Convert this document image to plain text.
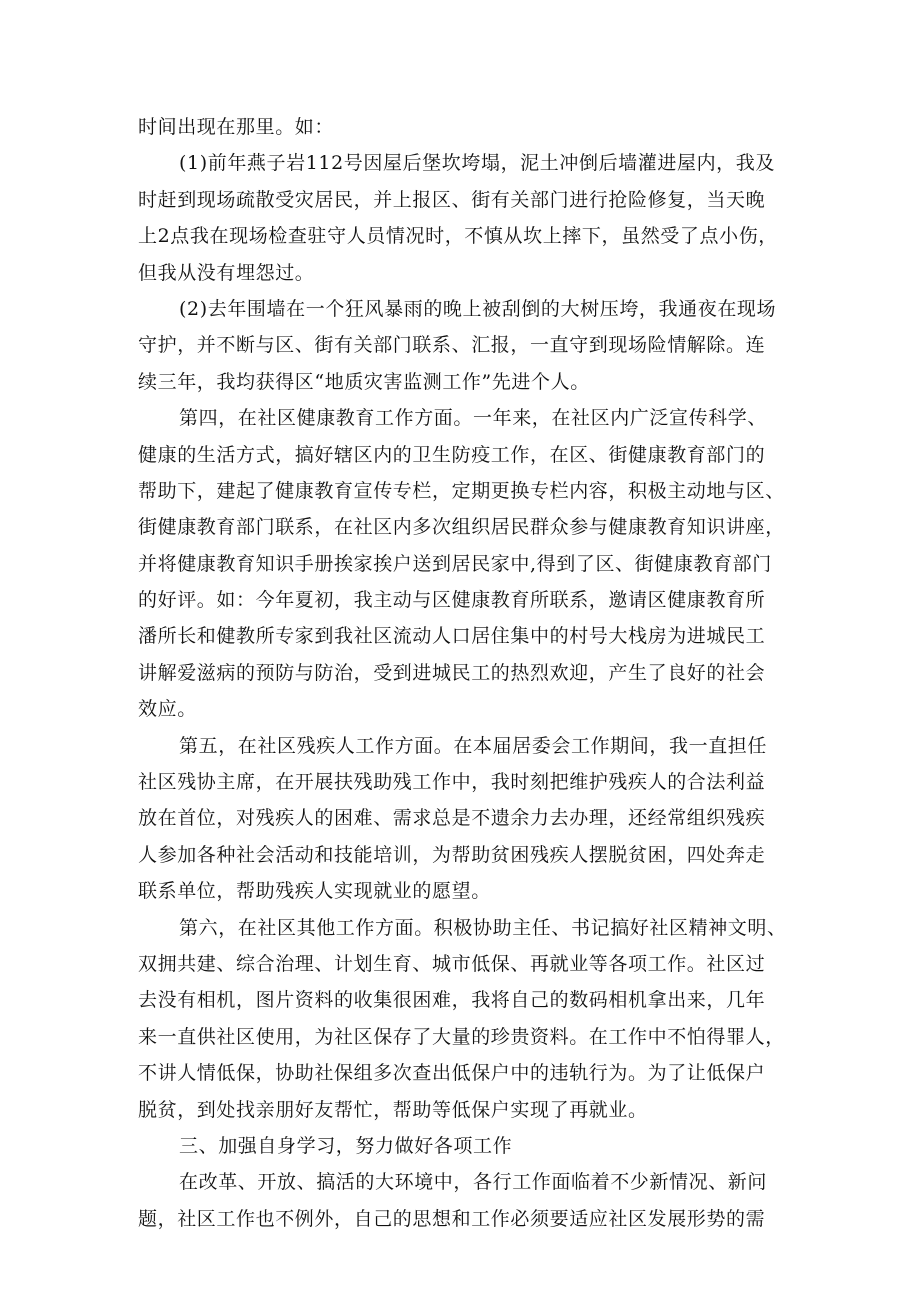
时间出现在那里。如：
(1)前年燕子岩112号因屋后堡坎垮塌，泥土冲倒后墙灌进屋内，我及
时赶到现场疏散受灾居民，并上报区、街有关部门进行抢险修复，当天晚
上2点我在现场检查驻守人员情况时，不慎从坎上摔下，虽然受了点小伤，
但我从没有埋怨过。
(2)去年围墙在一个狂风暴雨的晚上被刮倒的大树压垮，我通夜在现场
守护，并不断与区、街有关部门联系、汇报，一直守到现场险情解除。连
续三年，我均获得区“地质灾害监测工作”先进个人。
第四，在社区健康教育工作方面。一年来，在社区内广泛宣传科学、
健康的生活方式，搞好辖区内的卫生防疫工作，在区、街健康教育部门的
帮助下，建起了健康教育宣传专栏，定期更换专栏内容，积极主动地与区、
街健康教育部门联系，在社区内多次组织居民群众参与健康教育知识讲座，
并将健康教育知识手册挨家挨户送到居民家中,得到了区、街健康教育部门
的好评。如：今年夏初，我主动与区健康教育所联系，邀请区健康教育所
潘所长和健教所专家到我社区流动人口居住集中的村号大栈房为进城民工
讲解爱滋病的预防与防治，受到进城民工的热烈欢迎，产生了良好的社会
效应。
第五，在社区残疾人工作方面。在本届居委会工作期间，我一直担任
社区残协主席，在开展扶残助残工作中，我时刻把维护残疾人的合法利益
放在首位，对残疾人的困难、需求总是不遗余力去办理，还经常组织残疾
人参加各种社会活动和技能培训，为帮助贫困残疾人摆脱贫困，四处奔走
联系单位，帮助残疾人实现就业的愿望。
第六，在社区其他工作方面。积极协助主任、书记搞好社区精神文明、
双拥共建、综合治理、计划生育、城市低保、再就业等各项工作。社区过
去没有相机，图片资料的收集很困难，我将自己的数码相机拿出来，几年
来一直供社区使用，为社区保存了大量的珍贵资料。在工作中不怕得罪人，
不讲人情低保，协助社保组多次查出低保户中的违轨行为。为了让低保户
脱贫，到处找亲朋好友帮忙，帮助等低保户实现了再就业。
三、加强自身学习，努力做好各项工作
在改革、开放、搞活的大环境中，各行工作面临着不少新情况、新问
题，社区工作也不例外，自己的思想和工作必须要适应社区发展形势的需
